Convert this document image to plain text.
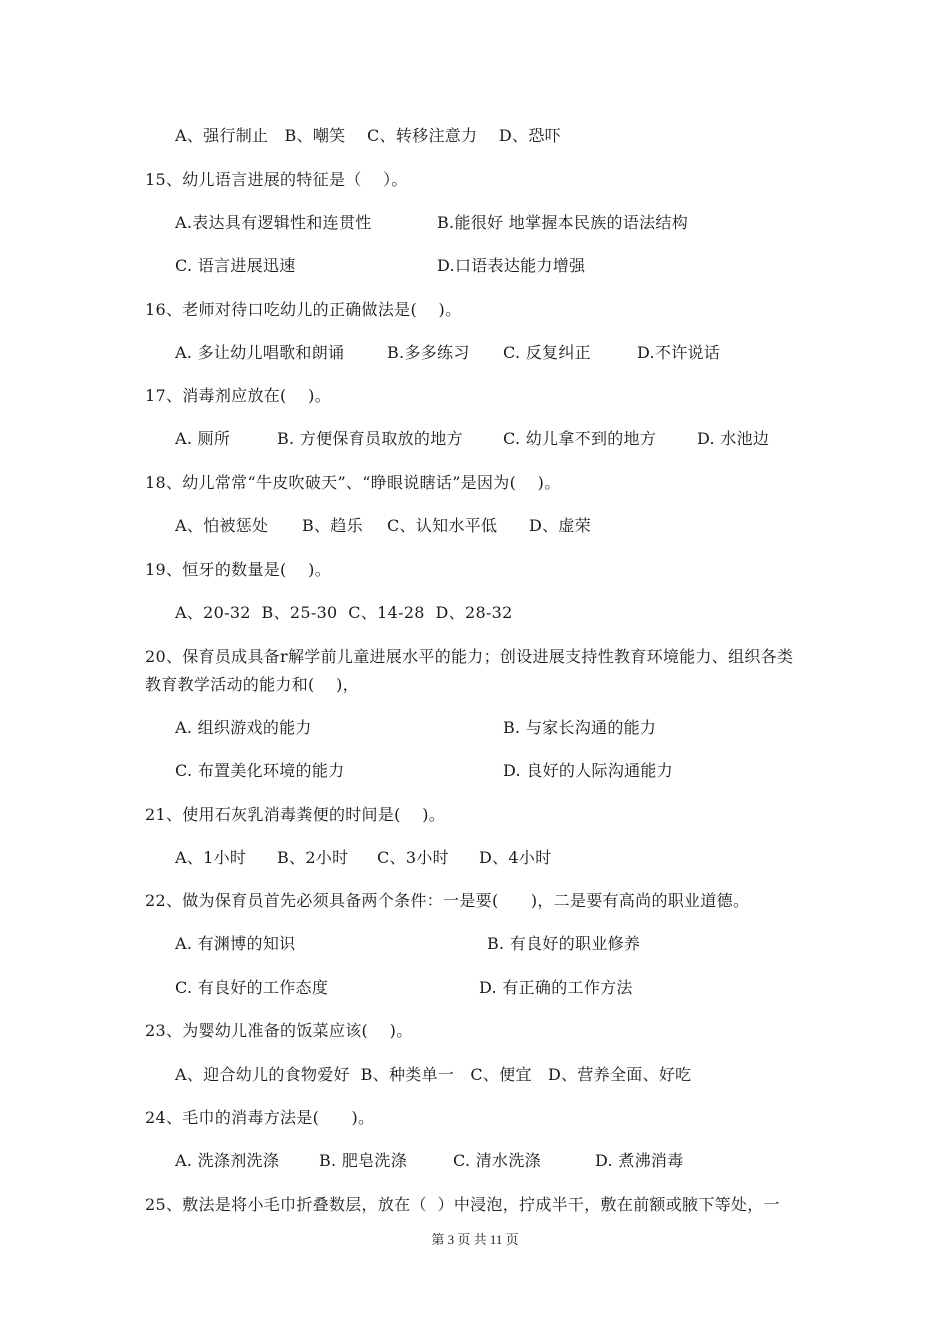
A、强行制止   B、嘲笑    C、转移注意力    D、恐吓
15、幼儿语言进展的特征是（    ）。
A.表达具有逻辑性和连贯性	B.能很好 地掌握本民族的语法结构
C. 语言进展迅速	D.口语表达能力增强
16、老师对待口吃幼儿的正确做法是(    )。
A. 多让幼儿唱歌和朗诵	B.多多练习 C. 反复纠正	D.不许说话
17、消毒剂应放在(    )。
A. 厕所	B. 方便保育员取放的地方	C. 幼儿拿不到的地方	D. 水池边
18、幼儿常常“牛皮吹破天”、“睁眼说瞎话”是因为(    )。
A、怕被惩处 B、趋乐 C、认知水平低 D、虚荣
19、恒牙的数量是(    )。
A、20-32  B、25-30  C、14-28  D、28-32
20、保育员成具备r解学前儿童进展水平的能力；创设进展支持性教育环境能力、组织各类
教育教学活动的能力和(    )，
A. 组织游戏的能力	B. 与家长沟通的能力
C. 布置美化环境的能力	D. 良好的人际沟通能力
21、使用石灰乳消毒粪便的时间是(    )。
A、1小时 B、2小时 C、3小时 D、4小时
22、做为保育员首先必须具备两个条件：一是要(      )，二是要有高尚的职业道德。
A. 有渊博的知识	B. 有良好的职业修养
C. 有良好的工作态度	D. 有正确的工作方法
23、为婴幼儿准备的饭菜应该(    )。
A、迎合幼儿的食物爱好  B、种类单一   C、便宜   D、营养全面、好吃
24、毛巾的消毒方法是(      )。
A. 洗涤剂洗涤 B. 肥皂洗涤	C. 清水洗涤	D. 煮沸消毒
25、敷法是将小毛巾折叠数层，放在（  ）中浸泡，拧成半干，敷在前额或腋下等处，一
第 3 页 共 11 页
